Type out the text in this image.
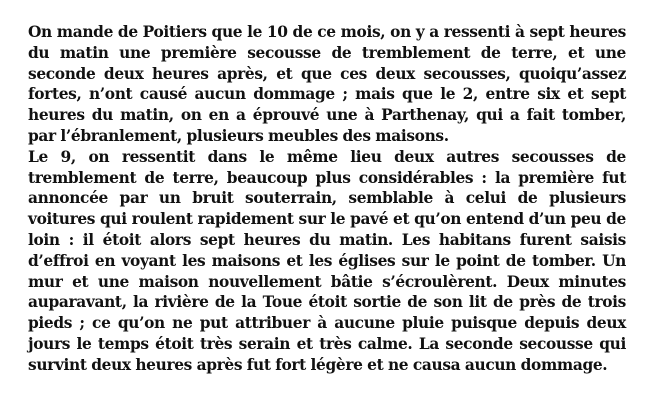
On mande de Poitiers que le 10 de ce mois, on y a ressenti à sept heures du matin une première secousse de tremblement de terre, et une seconde deux heures après, et que ces deux secousses, quoiqu’assez fortes, n’ont causé aucun dommage ; mais que le 2, entre six et sept heures du matin, on en a éprouvé une à Parthenay, qui a fait tomber, par l’ébranlement, plusieurs meubles des maisons.

Le 9, on ressentit dans le même lieu deux autres secousses de tremblement de terre, beaucoup plus considérables : la première fut annoncée par un bruit souterrain, semblable à celui de plusieurs voitures qui roulent rapidement sur le pavé et qu’on entend d’un peu de loin : il étoit alors sept heures du matin. Les habitans furent saisis d’effroi en voyant les maisons et les églises sur le point de tomber. Un mur et une maison nouvellement bâtie s’écroulèrent. Deux minutes auparavant, la rivière de la Toue étoit sortie de son lit de près de trois pieds ; ce qu’on ne put attribuer à aucune pluie puisque depuis deux jours le temps étoit très serain et très calme. La seconde secousse qui survint deux heures après fut fort légère et ne causa aucun dommage.
